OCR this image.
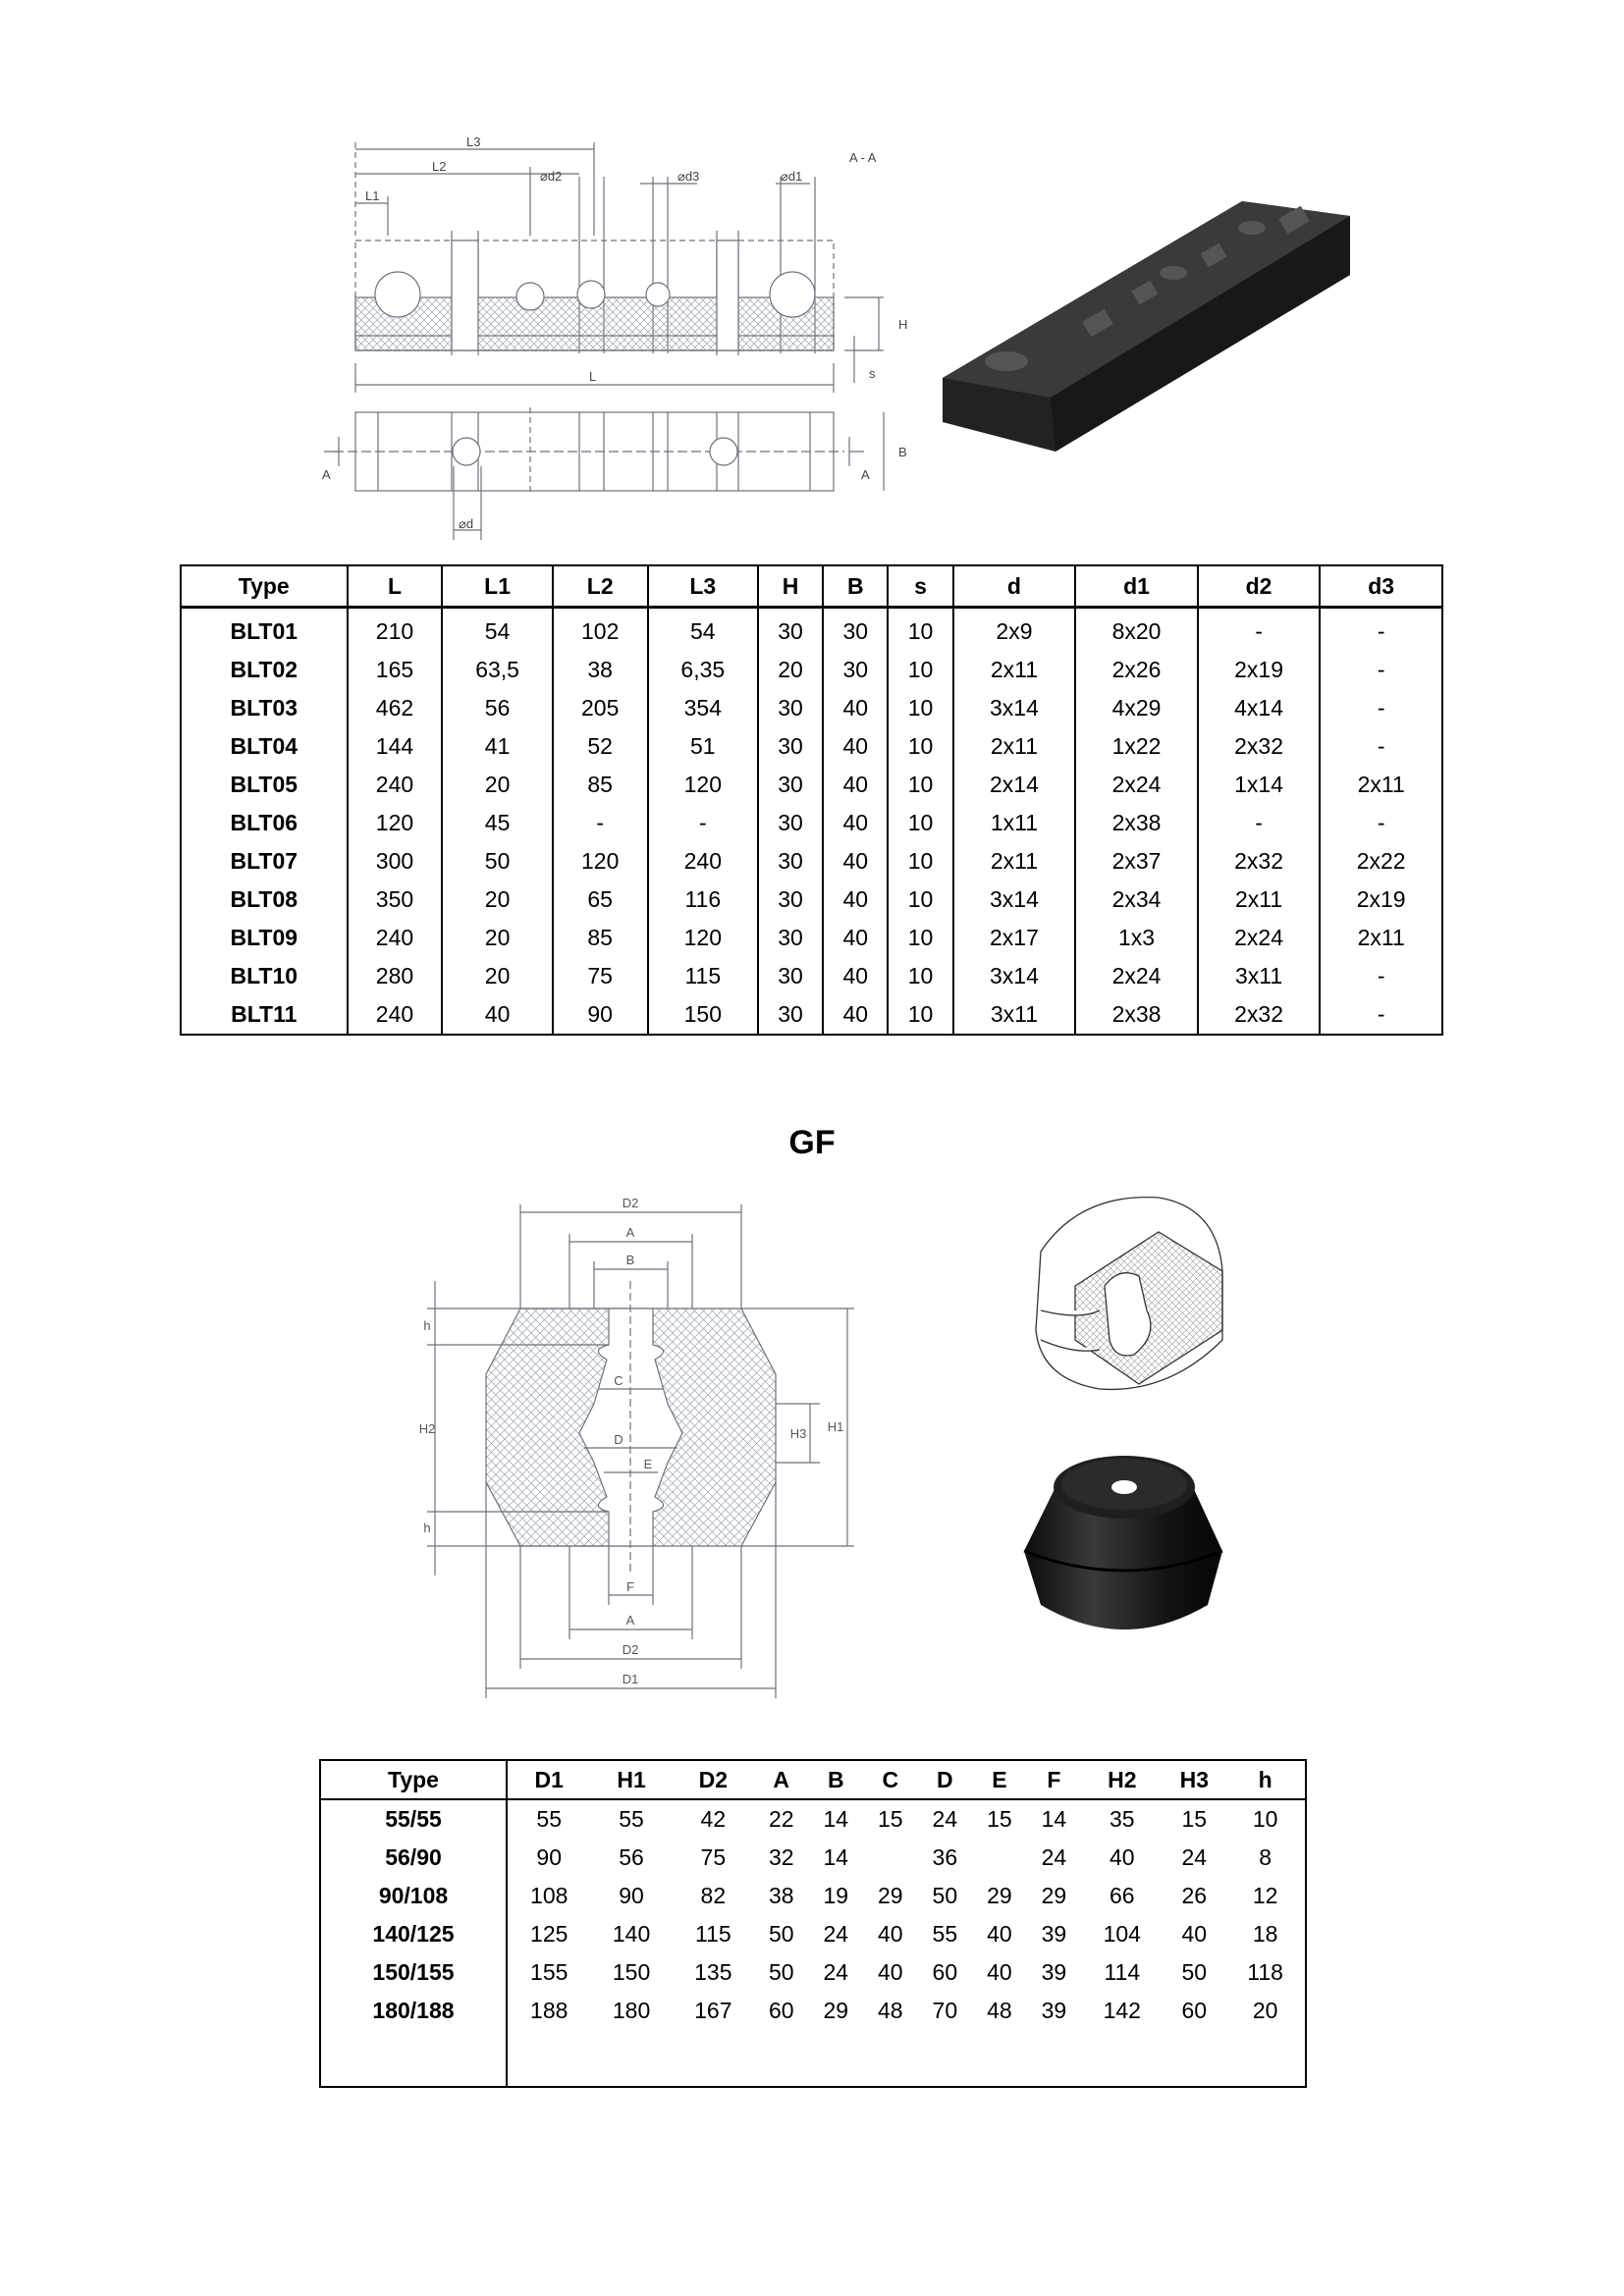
L3
L2
L1
⌀d2	⌀d3	⌀d1
A - A
H
s
L
B
A	A
⌀d
Type	L	L1	L2	L3	H	B	s	d	d1	d2	d3
BLT01	210	54	102	54	30	30	10	2x9	8x20	-	-
BLT02	165	63,5	38	6,35	20	30	10	2x11	2x26	2x19	-
BLT03	462	56	205	354	30	40	10	3x14	4x29	4x14	-
BLT04	144	41	52	51	30	40	10	2x11	1x22	2x32	-
BLT05	240	20	85	120	30	40	10	2x14	2x24	1x14	2x11
BLT06	120	45	-	-	30	40	10	1x11	2x38	-	-
BLT07	300	50	120	240	30	40	10	2x11	2x37	2x32	2x22
BLT08	350	20	65	116	30	40	10	3x14	2x34	2x11	2x19
BLT09	240	20	85	120	30	40	10	2x17	1x3	2x24	2x11
BLT10	280	20	75	115	30	40	10	3x14	2x24	3x11	-
BLT11	240	40	90	150	30	40	10	3x11	2x38	2x32	-
GF
D2
A
B
C
D
E
F
A
D2
D1
h
H2
h
H3 H1
Type	D1	H1	D2	A	B	C	D	E	F	H2	H3	h
55/55	55	55	42	22	14	15	24	15	14	35	15	10
56/90	90	56	75	32	14		36		24	40	24	8
90/108	108	90	82	38	19	29	50	29	29	66	26	12
140/125	125	140	115	50	24	40	55	40	39	104	40	18
150/155	155	150	135	50	24	40	60	40	39	114	50	118
180/188	188	180	167	60	29	48	70	48	39	142	60	20
